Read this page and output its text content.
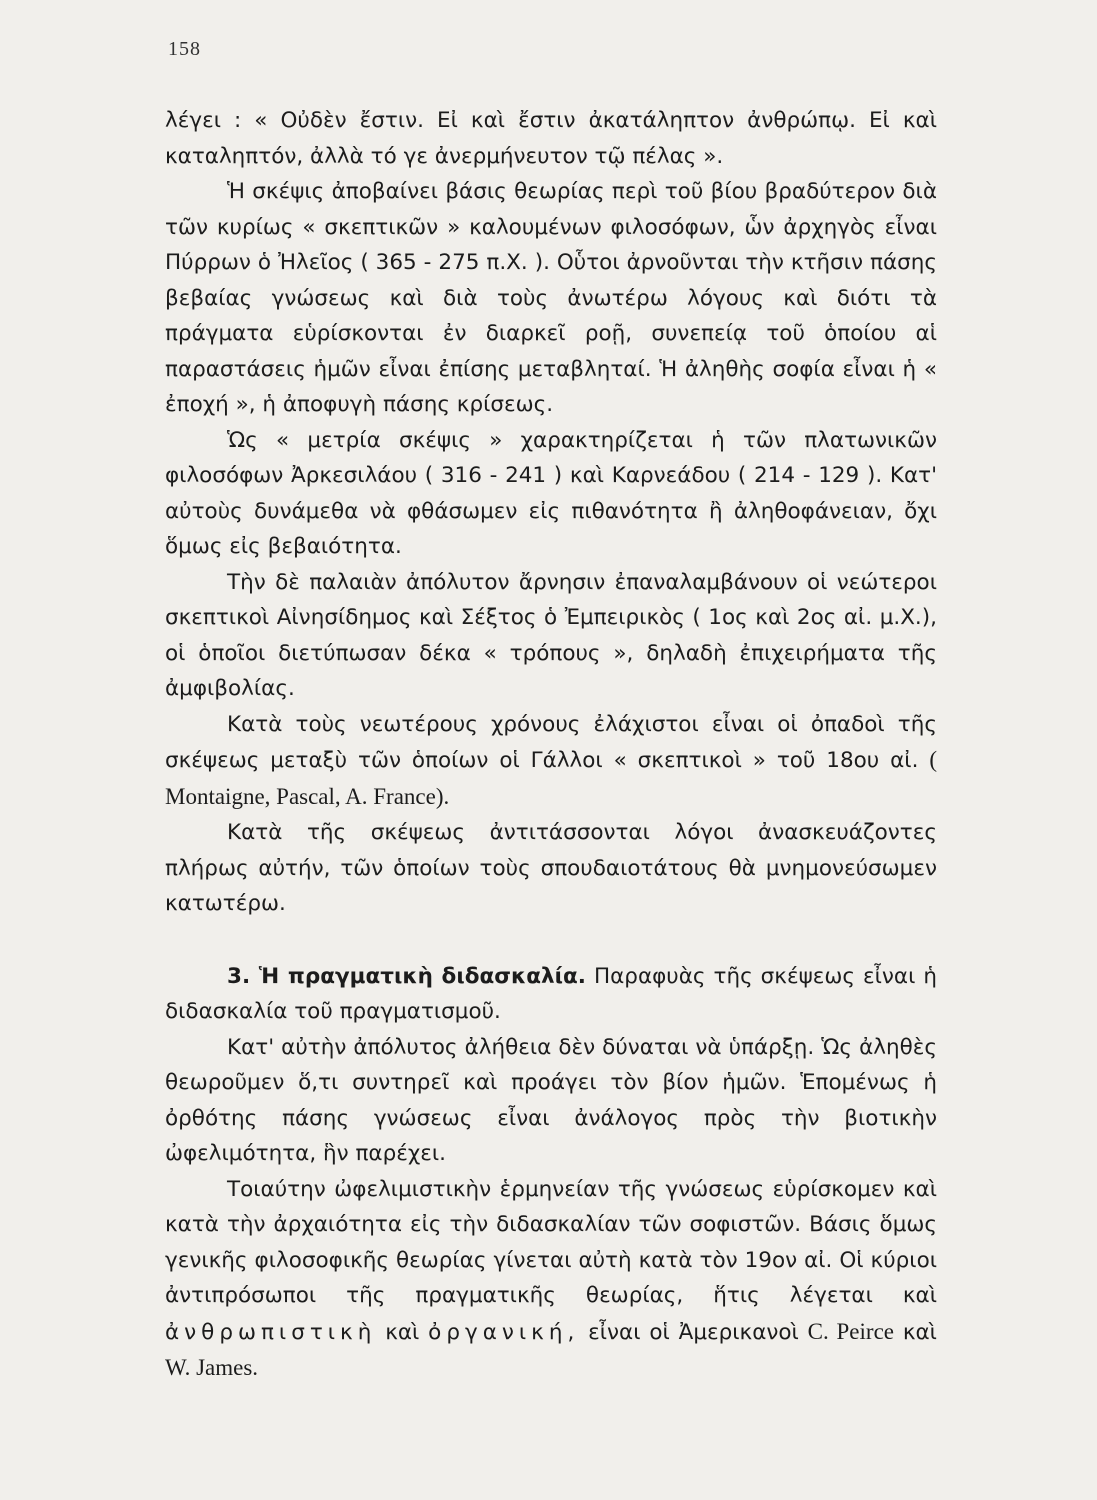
158

λέγει : « Οὐδὲν ἔστιν. Εἰ καὶ ἔστιν ἀκατάληπτον ἀνθρώπῳ. Εἰ καὶ καταληπτόν, ἀλλὰ τό γε ἀνερμήνευτον τῷ πέλας ».

Ἡ σκέψις ἀποβαίνει βάσις θεωρίας περὶ τοῦ βίου βραδύτερον διὰ τῶν κυρίως « σκεπτικῶν » καλουμένων φιλοσόφων, ὧν ἀρχηγὸς εἶναι Πύρρων ὁ Ἠλεῖος ( 365 - 275 π.Χ. ). Οὗτοι ἀρνοῦνται τὴν κτῆσιν πάσης βεβαίας γνώσεως καὶ διὰ τοὺς ἀνωτέρω λόγους καὶ διότι τὰ πράγματα εὑρίσκονται ἐν διαρκεῖ ροῇ, συνεπείᾳ τοῦ ὁποίου αἱ παραστάσεις ἡμῶν εἶναι ἐπίσης μεταβληταί. Ἡ ἀληθὴς σοφία εἶναι ἡ « ἐποχή », ἡ ἀποφυγὴ πάσης κρίσεως.

Ὡς « μετρία σκέψις » χαρακτηρίζεται ἡ τῶν πλατωνικῶν φιλοσόφων Ἀρκεσιλάου ( 316 - 241 ) καὶ Καρνεάδου ( 214 - 129 ). Κατ' αὐτοὺς δυνάμεθα νὰ φθάσωμεν εἰς πιθανότητα ἢ ἀληθοφάνειαν, ὄχι ὅμως εἰς βεβαιότητα.

Τὴν δὲ παλαιὰν ἀπόλυτον ἄρνησιν ἐπαναλαμβάνουν οἱ νεώτεροι σκεπτικοὶ Αἰνησίδημος καὶ Σέξτος ὁ Ἐμπειρικὸς ( 1ος καὶ 2ος αἰ. μ.Χ.), οἱ ὁποῖοι διετύπωσαν δέκα « τρόπους », δηλαδὴ ἐπιχειρήματα τῆς ἀμφιβολίας.

Κατὰ τοὺς νεωτέρους χρόνους ἐλάχιστοι εἶναι οἱ ὀπαδοὶ τῆς σκέψεως μεταξὺ τῶν ὁποίων οἱ Γάλλοι « σκεπτικοὶ » τοῦ 18ου αἰ. ( Montaigne, Pascal, A. France).

Κατὰ τῆς σκέψεως ἀντιτάσσονται λόγοι ἀνασκευάζοντες πλήρως αὐτήν, τῶν ὁποίων τοὺς σπουδαιοτάτους θὰ μνημονεύσωμεν κατωτέρω.

3. Ἡ πραγματικὴ διδασκαλία. Παραφυὰς τῆς σκέψεως εἶναι ἡ διδασκαλία τοῦ πραγματισμοῦ.

Κατ' αὐτὴν ἀπόλυτος ἀλήθεια δὲν δύναται νὰ ὑπάρξῃ. Ὡς ἀληθὲς θεωροῦμεν ὅ,τι συντηρεῖ καὶ προάγει τὸν βίον ἡμῶν. Ἑπομένως ἡ ὀρθότης πάσης γνώσεως εἶναι ἀνάλογος πρὸς τὴν βιοτικὴν ὠφελιμότητα, ἣν παρέχει.

Τοιαύτην ὠφελιμιστικὴν ἑρμηνείαν τῆς γνώσεως εὑρίσκομεν καὶ κατὰ τὴν ἀρχαιότητα εἰς τὴν διδασκαλίαν τῶν σοφιστῶν. Βάσις ὅμως γενικῆς φιλοσοφικῆς θεωρίας γίνεται αὐτὴ κατὰ τὸν 19ον αἰ. Οἱ κύριοι ἀντιπρόσωποι τῆς πραγματικῆς θεωρίας, ἥτις λέγεται καὶ ἀνθρωπιστικὴ καὶ ὀργανική, εἶναι οἱ Ἀμερικανοὶ C. Peirce καὶ W. James.
